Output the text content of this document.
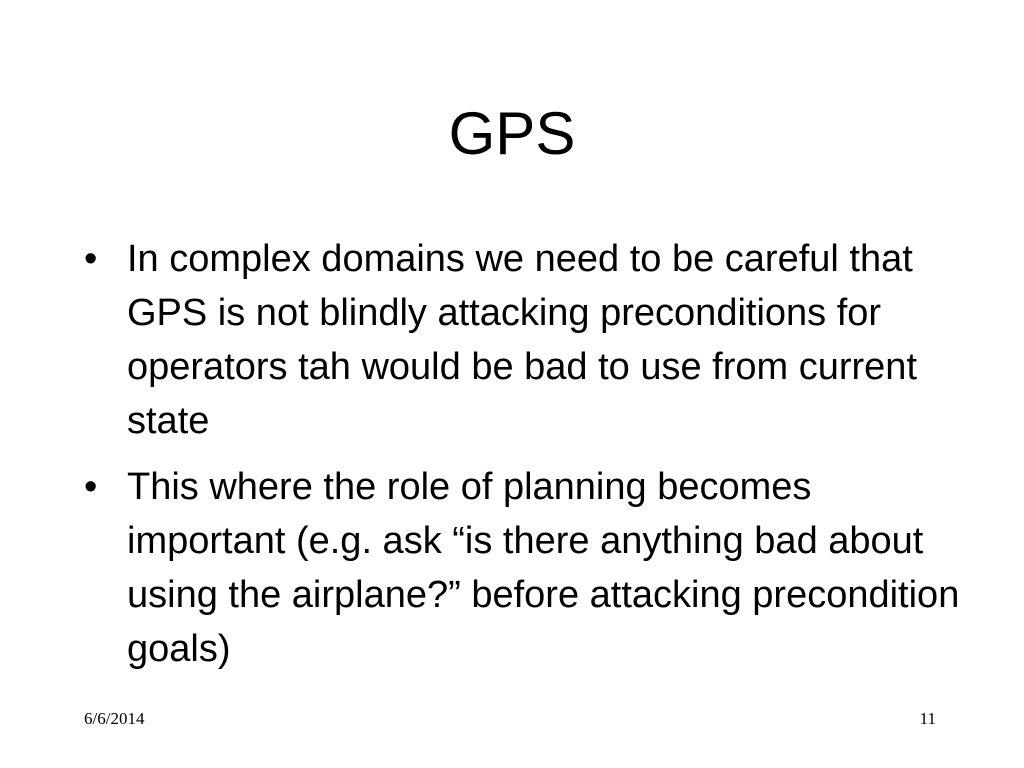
GPS
• In complex domains we need to be careful that GPS is not blindly attacking preconditions for operators tah would be bad to use from current state
• This where the role of planning becomes important (e.g. ask “is there anything bad about using the airplane?” before attacking precondition goals)
6/6/2014	11
